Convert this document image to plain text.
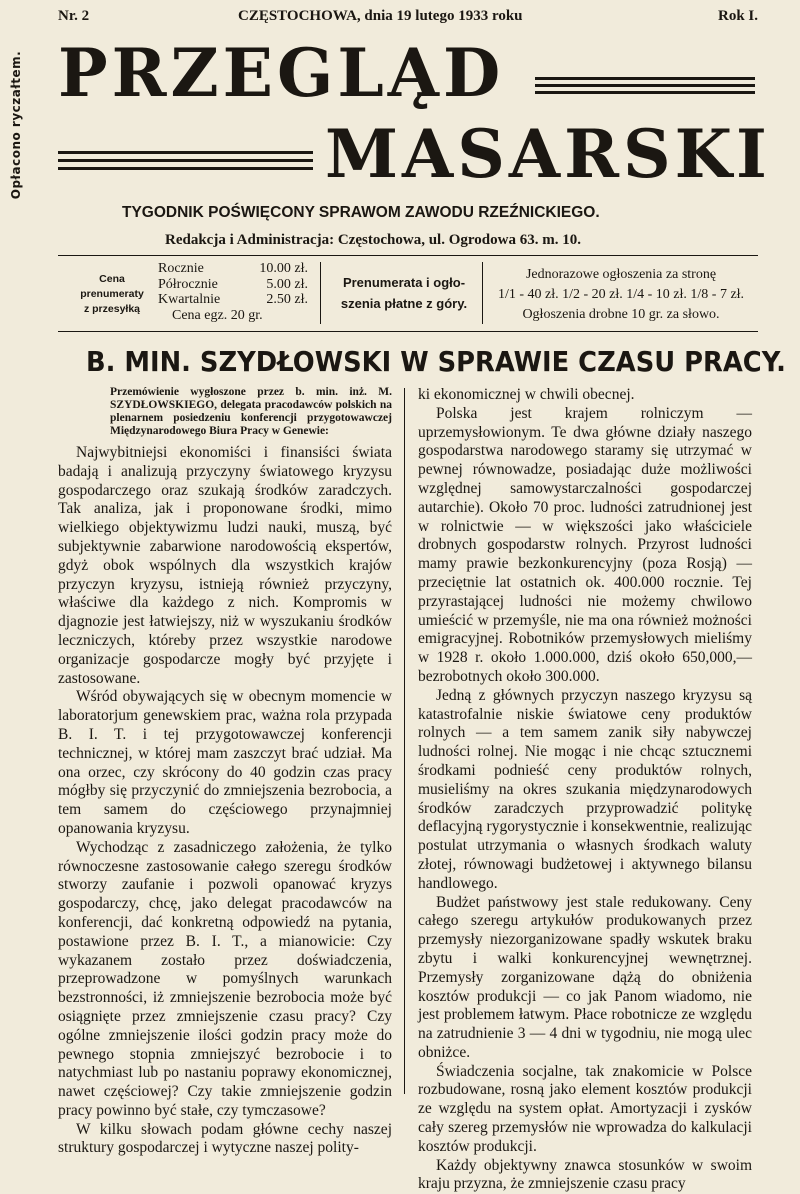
Opłacono ryczałtem.
Nr. 2	CZĘSTOCHOWA, dnia 19 lutego 1933 roku	Rok I.
PRZEGLĄD
MASARSKI
TYGODNIK POŚWIĘCONY SPRAWOM ZAWODU RZEŹNICKIEGO.
Redakcja i Administracja: Częstochowa, ul. Ogrodowa 63. m. 10.
Cena
prenumeraty
z przesyłką
Rocznie	10.00 zł.
Półrocznie	5.00 zł.
Kwartalnie	2.50 zł.
Cena egz. 20 gr.
Prenumerata i ogło-
szenia płatne z góry.
Jednorazowe ogłoszenia za stronę
1/1 - 40 zł. 1/2 - 20 zł. 1/4 - 10 zł. 1/8 - 7 zł.
Ogłoszenia drobne 10 gr. za słowo.
B. MIN. SZYDŁOWSKI W SPRAWIE CZASU PRACY.

Przemówienie wygłoszone przez b. min. inż. M. SZYDŁOWSKIEGO, delegata pracodawców polskich na plenarnem posiedzeniu konferencji przygotowawczej Międzynarodowego Biura Pracy w Genewie:

Najwybitniejsi ekonomiści i finansiści świata badają i analizują przyczyny światowego kryzysu gospodarczego oraz szukają środków zaradczych. Tak analiza, jak i proponowane środki, mimo wielkiego objektywizmu ludzi nauki, muszą, być subjektywnie zabarwione narodowością ekspertów, gdyż obok wspólnych dla wszystkich krajów przyczyn kryzysu, istnieją również przyczyny, właściwe dla każdego z nich. Kompromis w djagnozie jest łatwiejszy, niż w wyszukaniu środków leczniczych, któreby przez wszystkie narodowe organizacje gospodarcze mogły być przyjęte i zastosowane.

Wśród obywających się w obecnym momencie w laboratorjum genewskiem prac, ważna rola przypada B. I. T. i tej przygotowawczej konferencji technicznej, w której mam zaszczyt brać udział. Ma ona orzec, czy skrócony do 40 godzin czas pracy mógłby się przyczynić do zmniejszenia bezrobocia, a tem samem do częściowego przynajmniej opanowania kryzysu.

Wychodząc z zasadniczego założenia, że tylko równoczesne zastosowanie całego szeregu środków stworzy zaufanie i pozwoli opanować kryzys gospodarczy, chcę, jako delegat pracodawców na konferencji, dać konkretną odpowiedź na pytania, postawione przez B. I. T., a mianowicie: Czy wykazanem zostało przez doświadczenia, przeprowadzone w pomyślnych warunkach bezstronności, iż zmniejszenie bezrobocia może być osiągnięte przez zmniejszenie czasu pracy? Czy ogólne zmniejszenie ilości godzin pracy może do pewnego stopnia zmniejszyć bezrobocie i to natychmiast lub po nastaniu poprawy ekonomicznej, nawet częściowej? Czy takie zmniejszenie godzin pracy powinno być stałe, czy tymczasowe?

W kilku słowach podam główne cechy naszej struktury gospodarczej i wytyczne naszej polity-

ki ekonomicznej w chwili obecnej.

Polska jest krajem rolniczym — uprzemysłowionym. Te dwa główne działy naszego gospodarstwa narodowego staramy się utrzymać w pewnej równowadze, posiadając duże możliwości względnej samowystarczalności gospodarczej autarchie). Około 70 proc. ludności zatrudnionej jest w rolnictwie — w większości jako właściciele drobnych gospodarstw rolnych. Przyrost ludności mamy prawie bezkonkurencyjny (poza Rosją) — przeciętnie lat ostatnich ok. 400.000 rocznie. Tej przyrastającej ludności nie możemy chwilowo umieścić w przemyśle, nie ma ona również możności emigracyjnej. Robotników przemysłowych mieliśmy w 1928 r. około 1.000.000, dziś około 650,000,—bezrobotnych około 300.000.

Jedną z głównych przyczyn naszego kryzysu są katastrofalnie niskie światowe ceny produktów rolnych — a tem samem zanik siły nabywczej ludności rolnej. Nie mogąc i nie chcąc sztucznemi środkami podnieść ceny produktów rolnych, musieliśmy na okres szukania międzynarodowych środków zaradczych przyprowadzić politykę deflacyjną rygorystycznie i konsekwentnie, realizując postulat utrzymania o własnych środkach waluty złotej, równowagi budżetowej i aktywnego bilansu handlowego.

Budżet państwowy jest stale redukowany. Ceny całego szeregu artykułów produkowanych przez przemysły niezorganizowane spadły wskutek braku zbytu i walki konkurencyjnej wewnętrznej. Przemysły zorganizowane dążą do obniżenia kosztów produkcji — co jak Panom wiadomo, nie jest problemem łatwym. Płace robotnicze ze względu na zatrudnienie 3 — 4 dni w tygodniu, nie mogą ulec obniżce.

Świadczenia socjalne, tak znakomicie w Polsce rozbudowane, rosną jako element kosztów produkcji ze względu na system opłat. Amortyzacji i zysków cały szereg przemysłów nie wprowadza do kalkulacji kosztów produkcji.

Każdy objektywny znawca stosunków w swoim kraju przyzna, że zmniejszenie czasu pracy
